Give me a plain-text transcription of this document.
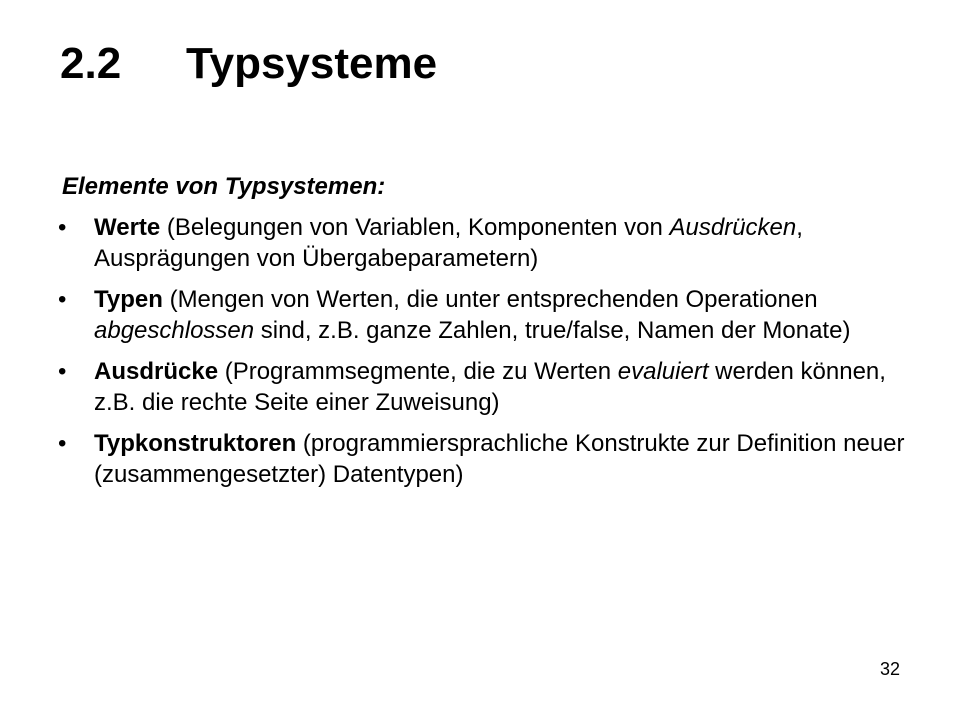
2.2 Typsysteme
Elemente von Typsystemen:
• Werte (Belegungen von Variablen, Komponenten von Ausdrücken, Ausprägungen von Übergabeparametern)
• Typen (Mengen von Werten, die unter entsprechenden Operationen abgeschlossen sind, z.B. ganze Zahlen, true/false, Namen der Monate)
• Ausdrücke (Programmsegmente, die zu Werten evaluiert werden können, z.B. die rechte Seite einer Zuweisung)
• Typkonstruktoren (programmiersprachliche Konstrukte zur Definition neuer (zusammengesetzter) Datentypen)
32
